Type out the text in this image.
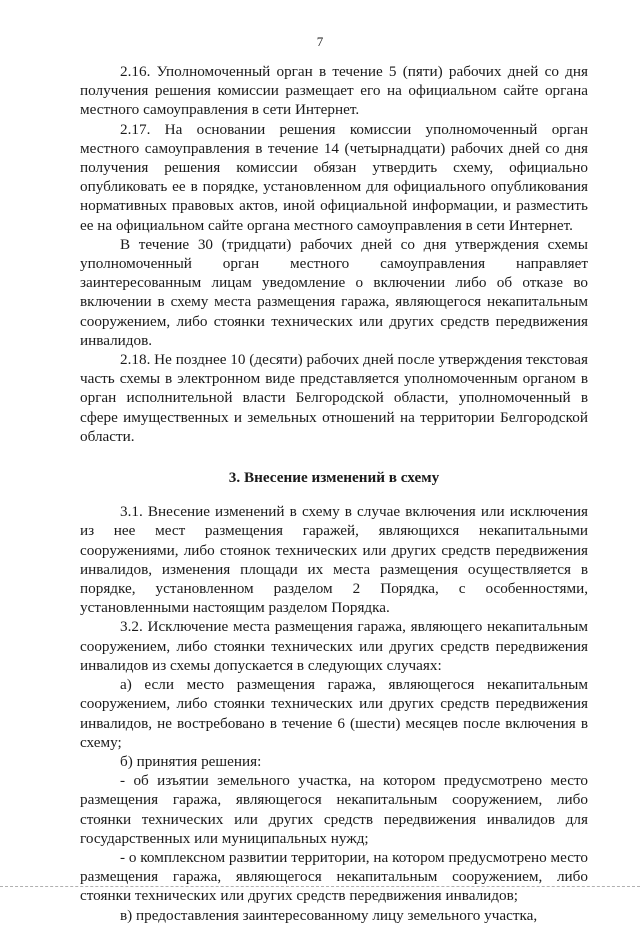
7

2.16. Уполномоченный орган в течение 5 (пяти) рабочих дней со дня получения решения комиссии размещает его на официальном сайте органа местного самоуправления в сети Интернет.

2.17. На основании решения комиссии уполномоченный орган местного самоуправления в течение 14 (четырнадцати) рабочих дней со дня получения решения комиссии обязан утвердить схему, официально опубликовать ее в порядке, установленном для официального опубликования нормативных правовых актов, иной официальной информации, и разместить ее на официальном сайте органа местного самоуправления в сети Интернет.

В течение 30 (тридцати) рабочих дней со дня утверждения схемы уполномоченный орган местного самоуправления направляет заинтересованным лицам уведомление о включении либо об отказе во включении в схему места размещения гаража, являющегося некапитальным сооружением, либо стоянки технических или других средств передвижения инвалидов.

2.18. Не позднее 10 (десяти) рабочих дней после утверждения текстовая часть схемы в электронном виде представляется уполномоченным органом в орган исполнительной власти Белгородской области, уполномоченный в сфере имущественных и земельных отношений на территории Белгородской области.

3. Внесение изменений в схему

3.1. Внесение изменений в схему в случае включения или исключения из нее мест размещения гаражей, являющихся некапитальными сооружениями, либо стоянок технических или других средств передвижения инвалидов, изменения площади их места размещения осуществляется в порядке, установленном разделом 2 Порядка, с особенностями, установленными настоящим разделом Порядка.

3.2. Исключение места размещения гаража, являющего некапитальным сооружением, либо стоянки технических или других средств передвижения инвалидов из схемы допускается в следующих случаях:

а) если место размещения гаража, являющегося некапитальным сооружением, либо стоянки технических или других средств передвижения инвалидов, не востребовано в течение 6 (шести) месяцев после включения в схему;

б) принятия решения:

- об изъятии земельного участка, на котором предусмотрено место размещения гаража, являющегося некапитальным сооружением, либо стоянки технических или других средств передвижения инвалидов для государственных или муниципальных нужд;

- о комплексном развитии территории, на котором предусмотрено место размещения гаража, являющегося некапитальным сооружением, либо стоянки технических или других средств передвижения инвалидов;

в) предоставления заинтересованному лицу земельного участка,
